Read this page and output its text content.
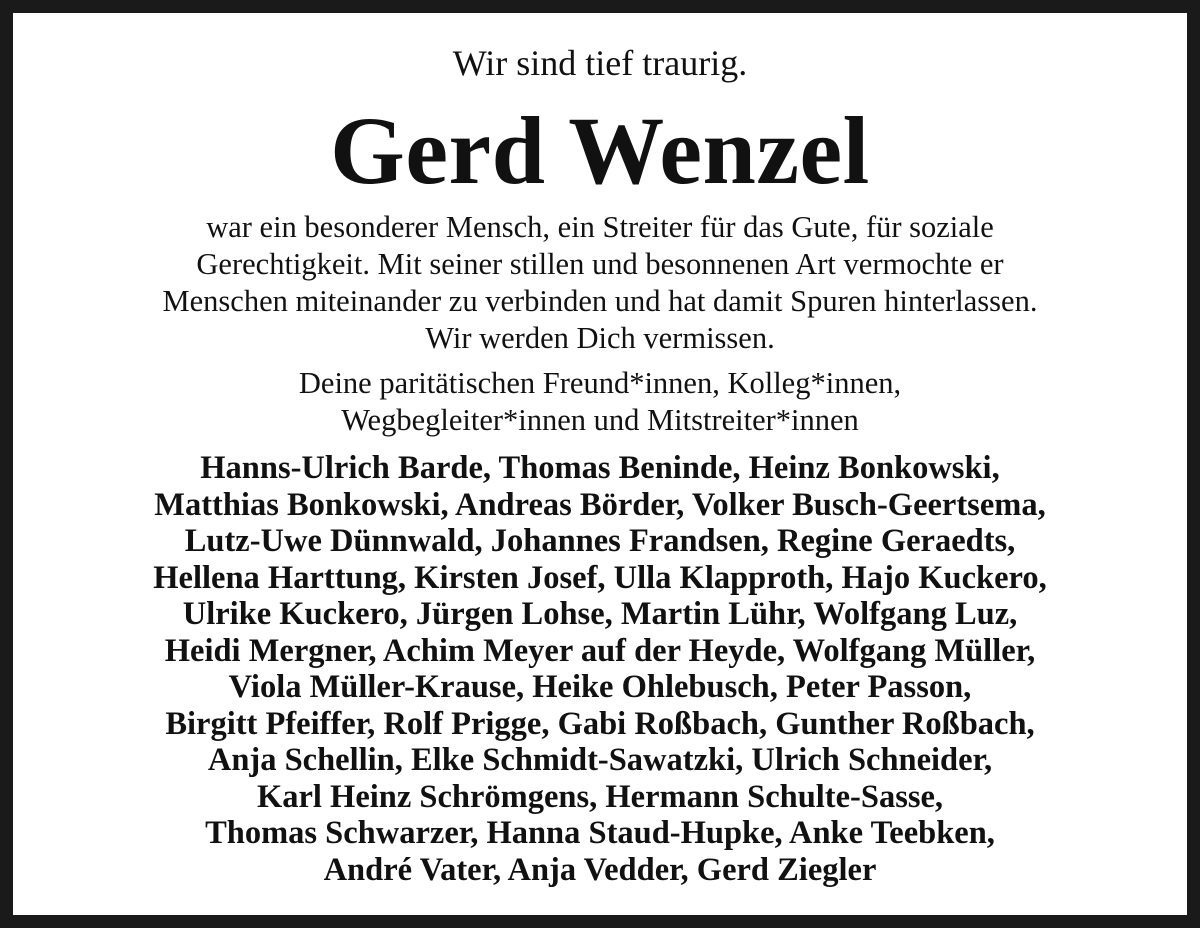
Wir sind tief traurig.

Gerd Wenzel

war ein besonderer Mensch, ein Streiter für das Gute, für soziale
Gerechtigkeit. Mit seiner stillen und besonnenen Art vermochte er
Menschen miteinander zu verbinden und hat damit Spuren hinterlassen.
Wir werden Dich vermissen.

Deine paritätischen Freund*innen, Kolleg*innen,
Wegbegleiter*innen und Mitstreiter*innen

Hanns-Ulrich Barde, Thomas Beninde, Heinz Bonkowski,
Matthias Bonkowski, Andreas Börder, Volker Busch-Geertsema,
Lutz-Uwe Dünnwald, Johannes Frandsen, Regine Geraedts,
Hellena Harttung, Kirsten Josef, Ulla Klapproth, Hajo Kuckero,
Ulrike Kuckero, Jürgen Lohse, Martin Lühr, Wolfgang Luz,
Heidi Mergner, Achim Meyer auf der Heyde, Wolfgang Müller,
Viola Müller-Krause, Heike Ohlebusch, Peter Passon,
Birgitt Pfeiffer, Rolf Prigge, Gabi Roßbach, Gunther Roßbach,
Anja Schellin, Elke Schmidt-Sawatzki, Ulrich Schneider,
Karl Heinz Schrömgens, Hermann Schulte-Sasse,
Thomas Schwarzer, Hanna Staud-Hupke, Anke Teebken,
André Vater, Anja Vedder, Gerd Ziegler
